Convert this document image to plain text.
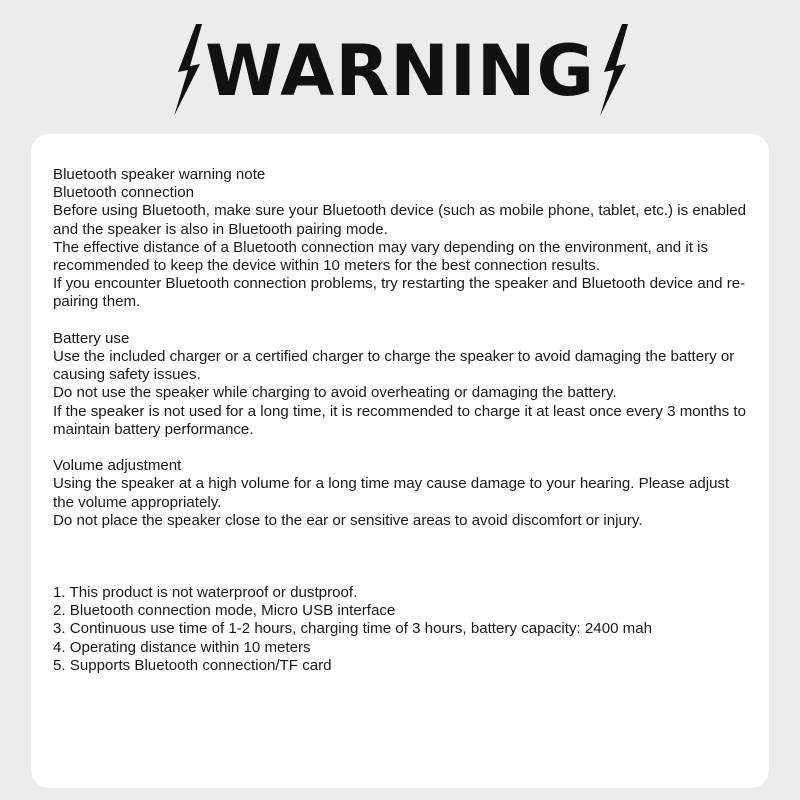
WARNING

Bluetooth speaker warning note

Bluetooth connection

Before using Bluetooth, make sure your Bluetooth device (such as mobile phone, tablet, etc.) is enabled and the speaker is also in Bluetooth pairing mode.

The effective distance of a Bluetooth connection may vary depending on the environment, and it is recommended to keep the device within 10 meters for the best connection results.

If you encounter Bluetooth connection problems, try restarting the speaker and Bluetooth device and re-pairing them.

Battery use

Use the included charger or a certified charger to charge the speaker to avoid damaging the battery or causing safety issues.

Do not use the speaker while charging to avoid overheating or damaging the battery.

If the speaker is not used for a long time, it is recommended to charge it at least once every 3 months to maintain battery performance.

Volume adjustment

Using the speaker at a high volume for a long time may cause damage to your hearing. Please adjust the volume appropriately.

Do not place the speaker close to the ear or sensitive areas to avoid discomfort or injury.

1. This product is not waterproof or dustproof.

2. Bluetooth connection mode, Micro USB interface

3. Continuous use time of 1-2 hours, charging time of 3 hours, battery capacity: 2400 mah

4. Operating distance within 10 meters

5. Supports Bluetooth connection/TF card
